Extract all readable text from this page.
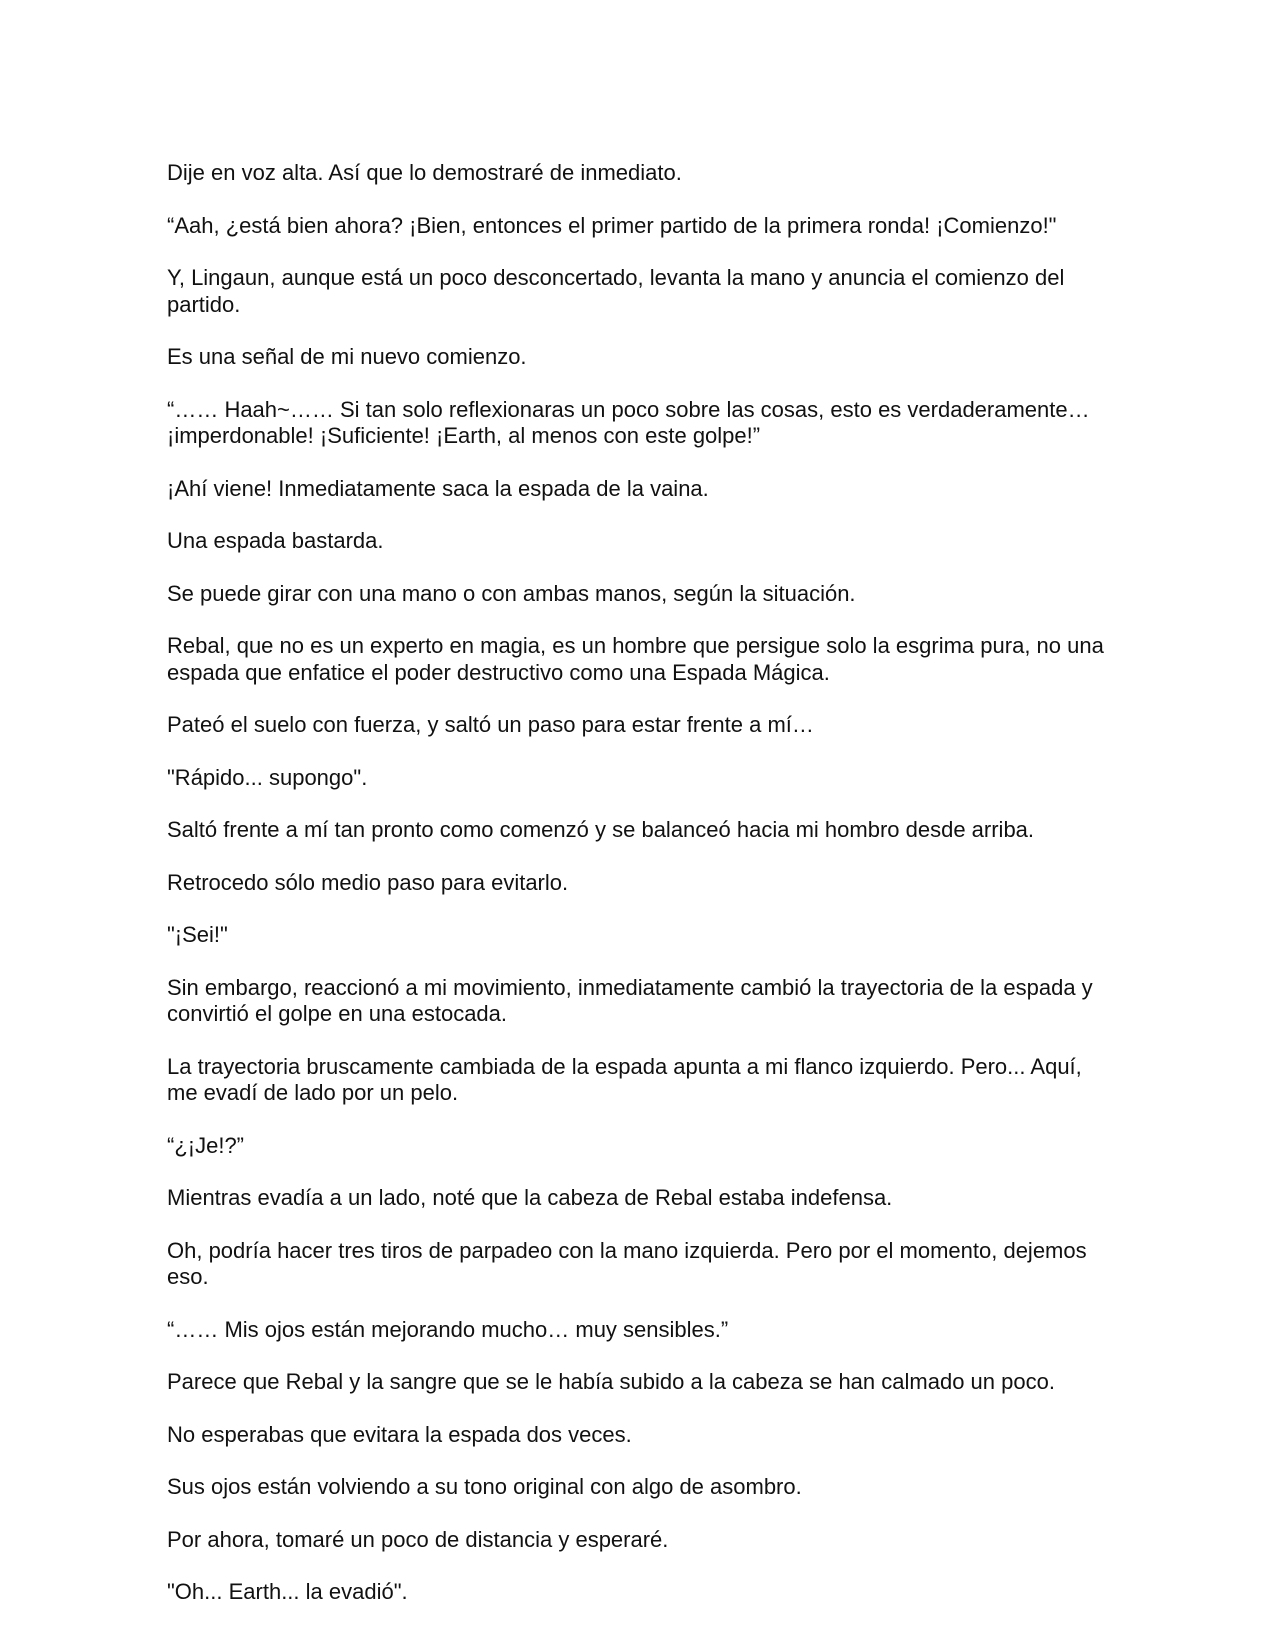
Dije en voz alta. Así que lo demostraré de inmediato.

“Aah, ¿está bien ahora? ¡Bien, entonces el primer partido de la primera ronda! ¡Comienzo!"

Y, Lingaun, aunque está un poco desconcertado, levanta la mano y anuncia el comienzo del partido.

Es una señal de mi nuevo comienzo.

“…… Haah~…… Si tan solo reflexionaras un poco sobre las cosas, esto es verdaderamente… ¡imperdonable! ¡Suficiente! ¡Earth, al menos con este golpe!”

¡Ahí viene! Inmediatamente saca la espada de la vaina.

Una espada bastarda.

Se puede girar con una mano o con ambas manos, según la situación.

Rebal, que no es un experto en magia, es un hombre que persigue solo la esgrima pura, no una espada que enfatice el poder destructivo como una Espada Mágica.

Pateó el suelo con fuerza, y saltó un paso para estar frente a mí…

"Rápido... supongo".

Saltó frente a mí tan pronto como comenzó y se balanceó hacia mi hombro desde arriba.

Retrocedo sólo medio paso para evitarlo.

"¡Sei!"

Sin embargo, reaccionó a mi movimiento, inmediatamente cambió la trayectoria de la espada y convirtió el golpe en una estocada.

La trayectoria bruscamente cambiada de la espada apunta a mi flanco izquierdo. Pero... Aquí, me evadí de lado por un pelo.

“¿¡Je!?”

Mientras evadía a un lado, noté que la cabeza de Rebal estaba indefensa.

Oh, podría hacer tres tiros de parpadeo con la mano izquierda. Pero por el momento, dejemos eso.

“…… Mis ojos están mejorando mucho… muy sensibles.”

Parece que Rebal y la sangre que se le había subido a la cabeza se han calmado un poco.

No esperabas que evitara la espada dos veces.

Sus ojos están volviendo a su tono original con algo de asombro.

Por ahora, tomaré un poco de distancia y esperaré.

"Oh... Earth... la evadió".
